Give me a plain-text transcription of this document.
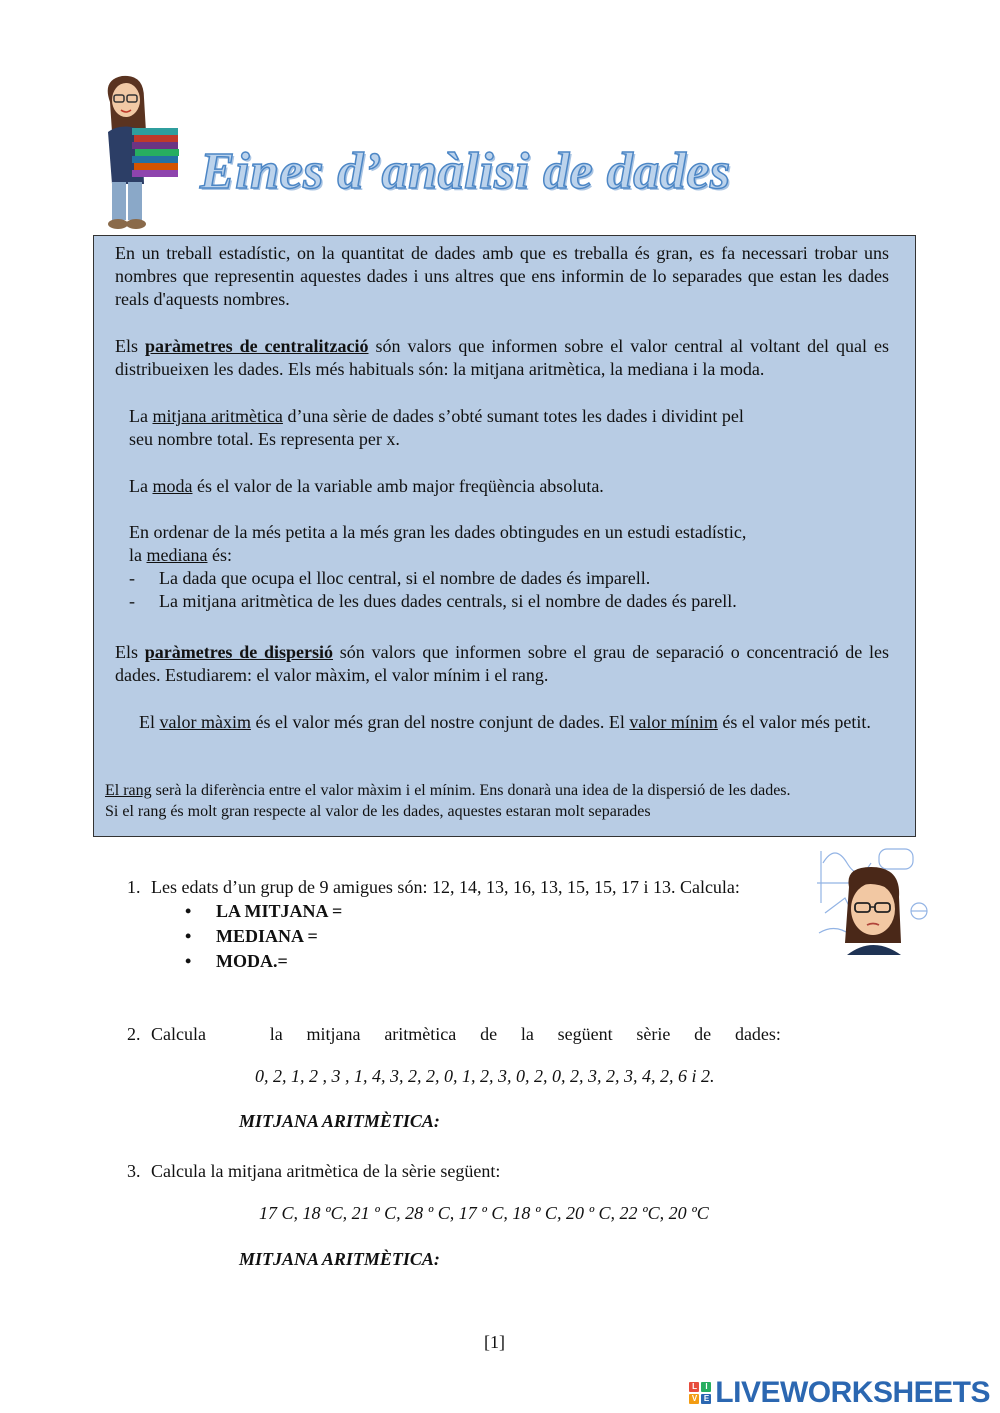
Eines d’anàlisi de dades
En un treball estadístic, on la quantitat de dades amb que es treballa és gran, es fa necessari trobar uns nombres que representin aquestes dades i uns altres que ens informin de lo separades que estan les dades reals d'aquests nombres.
Els paràmetres de centralització són valors que informen sobre el valor central al voltant del qual es distribueixen les dades. Els més habituals són: la mitjana aritmètica, la mediana i la moda.
La mitjana aritmètica d’una sèrie de dades s’obté sumant totes les dades i dividint pel
seu nombre total. Es representa per x.
La moda és el valor de la variable amb major freqüència absoluta.
En ordenar de la més petita a la més gran les dades obtingudes en un estudi estadístic,
la mediana és:
-	La dada que ocupa el lloc central, si el nombre de dades és imparell.
-	La mitjana aritmètica de les dues dades centrals, si el nombre de dades és parell.
Els paràmetres de dispersió són valors que informen sobre el grau de separació o concentració de les dades. Estudiarem: el valor màxim, el valor mínim i el rang.
El valor màxim és el valor més gran del nostre conjunt de dades. El valor mínim és el valor més petit.
El rang serà la diferència entre el valor màxim i el mínim. Ens donarà una idea de la dispersió de les dades.
Si el rang és molt gran respecte al valor de les dades, aquestes estaran molt separades
1. Les edats d’un grup de 9 amigues són: 12, 14, 13, 16, 13, 15, 15, 17 i 13. Calcula:
• LA MITJANA =
• MEDIANA =
• MODA.=
2. Calcula	la mitjana aritmètica de la següent sèrie de dades:
0, 2, 1, 2 , 3 , 1, 4, 3, 2, 2, 0, 1, 2, 3, 0, 2, 0, 2, 3, 2, 3, 4, 2, 6 i 2.
MITJANA ARITMÈTICA:
3. Calcula la mitjana aritmètica de la sèrie següent:
17 C, 18 ºC, 21 º C, 28 º C, 17 º C, 18 º C, 20 º C, 22 ºC, 20 ºC
MITJANA ARITMÈTICA:
[1]
L	I
V E LIVEWORKSHEETS
